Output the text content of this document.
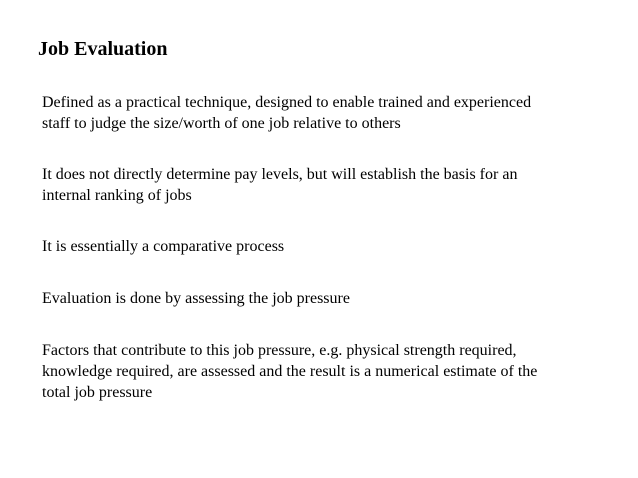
Job Evaluation
Defined as a practical technique, designed to enable trained and experienced
staff to judge the size/worth of one job relative to others
It does not directly determine pay levels, but will establish the basis for an
internal ranking of jobs
It is essentially a comparative process
Evaluation is done by assessing the job pressure
Factors that contribute to this job pressure, e.g. physical strength required,
knowledge required, are assessed and the result is a numerical estimate of the
total job pressure
